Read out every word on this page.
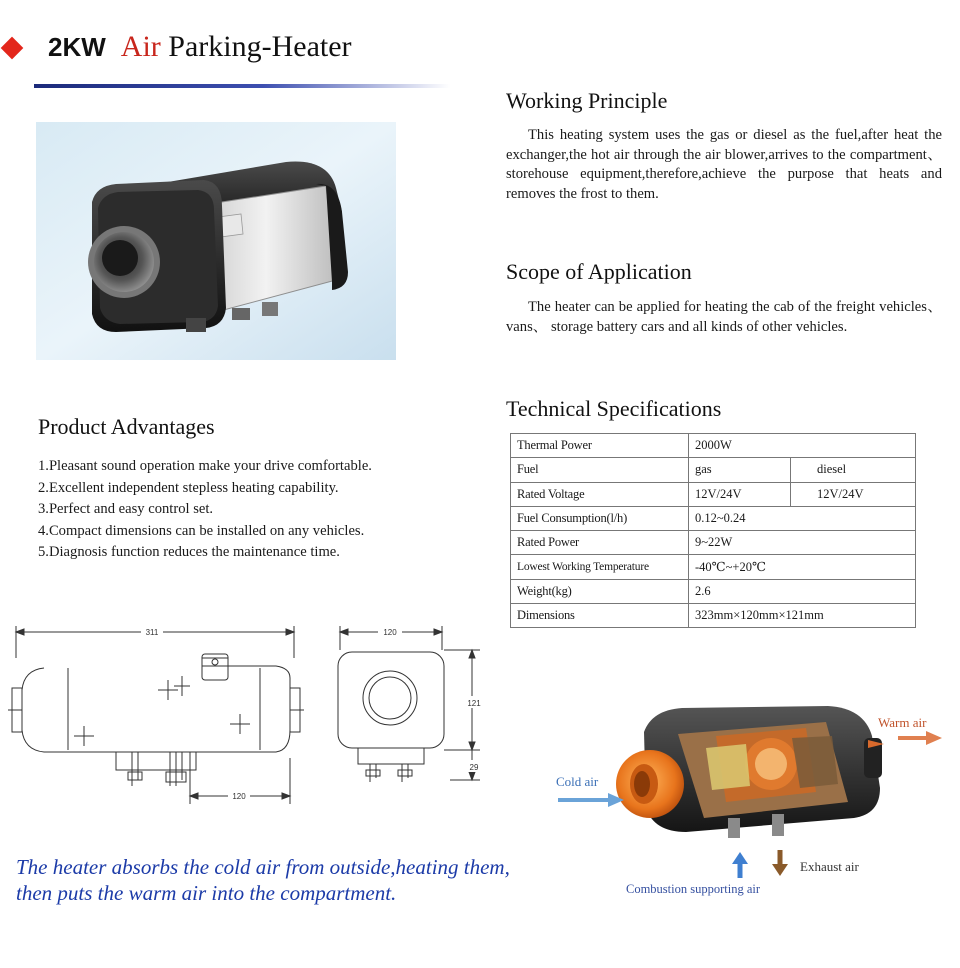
2KW Air Parking-Heater
Working Principle

This heating system uses the gas or diesel as the fuel,after heat the exchanger,the hot air through the air blower,arrives to the compartment、 storehouse equipment,therefore,achieve the purpose that heats and removes the frost to them.

Scope of Application

The heater can be applied for heating the cab of the freight vehicles、 vans、 storage battery cars and all kinds of other vehicles.

Product Advantages
1.Pleasant sound operation make your drive comfortable.
2.Excellent independent stepless heating capability.
3.Perfect and easy control set.
4.Compact dimensions can be installed on any vehicles.
5.Diagnosis function reduces the maintenance time.
Technical Specifications
Thermal Power	2000W	
Fuel	gas	diesel
Rated Voltage	12V/24V	12V/24V
Fuel Consumption(l/h)	0.12~0.24	
Rated Power	9~22W	
Lowest Working Temperature	-40℃~+20℃	
Weight(kg)	2.6	
Dimensions	323mm×120mm×121mm	
311
120
120
121
29
Cold air
Warm air
Exhaust air
Combustion supporting air
The heater absorbs the cold air from outside,heating them,
then puts the warm air into the compartment.
